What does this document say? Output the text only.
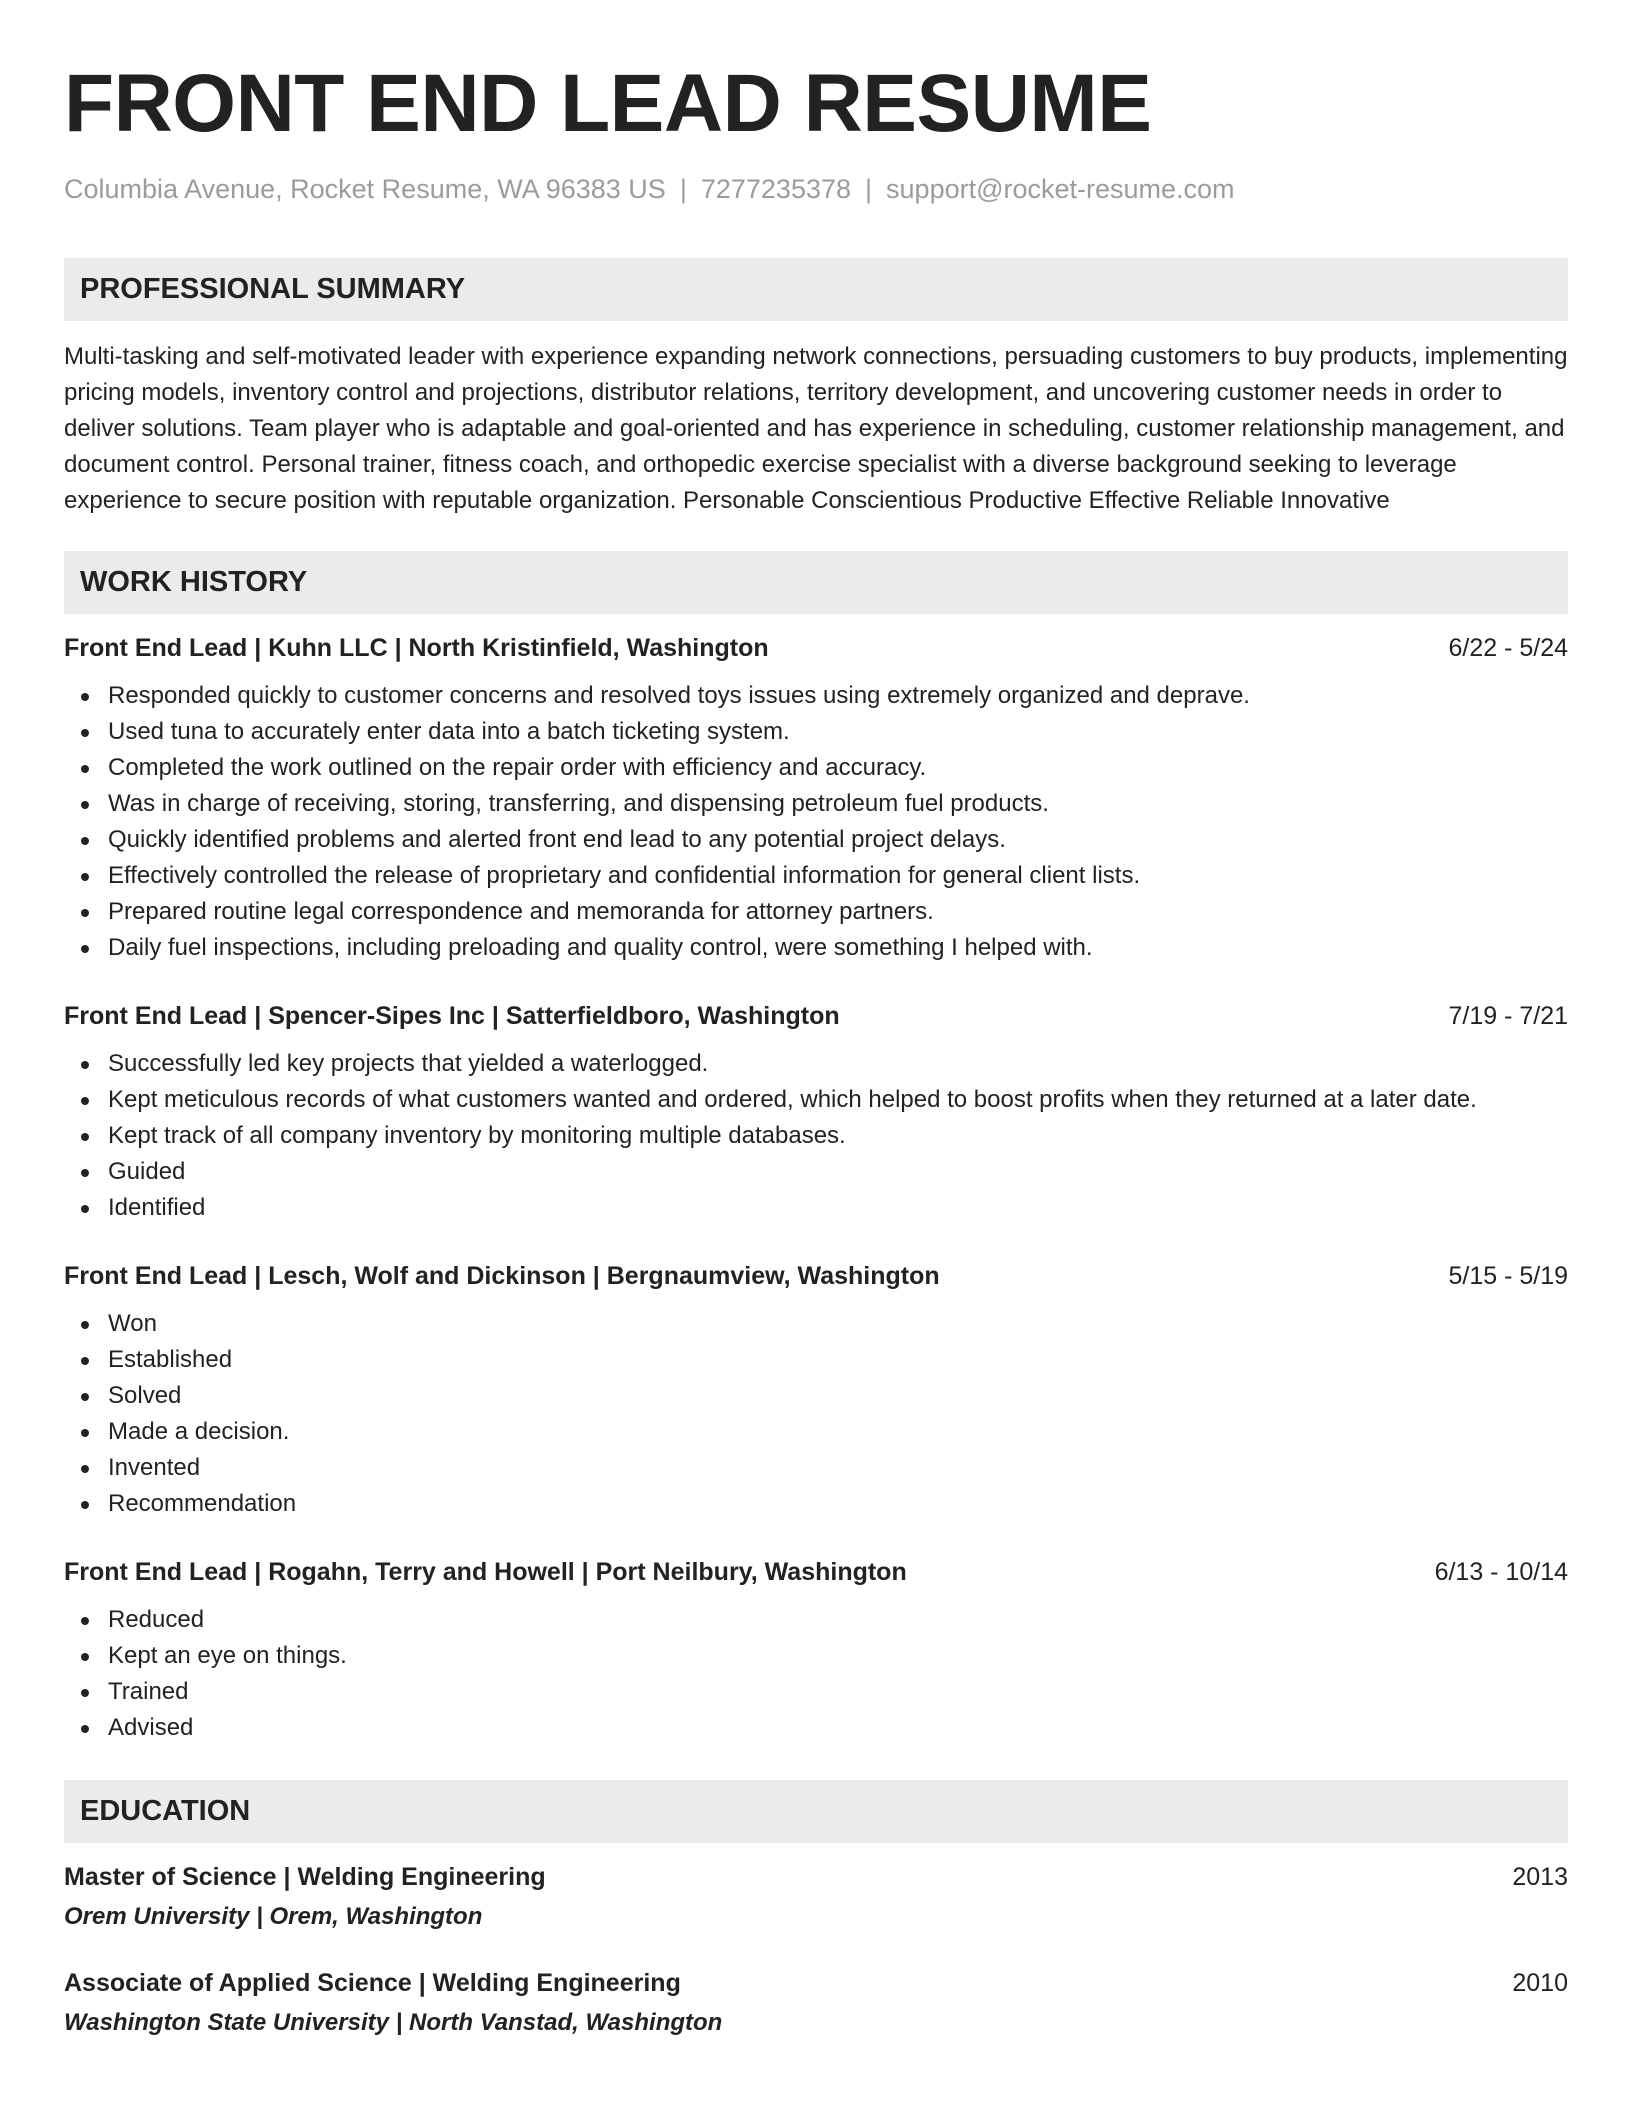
FRONT END LEAD RESUME
Columbia Avenue, Rocket Resume, WA 96383 US | 7277235378 | support@rocket-resume.com
PROFESSIONAL SUMMARY

Multi-tasking and self-motivated leader with experience expanding network connections, persuading customers to buy products, implementing pricing models, inventory control and projections, distributor relations, territory development, and uncovering customer needs in order to deliver solutions. Team player who is adaptable and goal-oriented and has experience in scheduling, customer relationship management, and document control. Personal trainer, fitness coach, and orthopedic exercise specialist with a diverse background seeking to leverage experience to secure position with reputable organization. Personable Conscientious Productive Effective Reliable Innovative

WORK HISTORY
Front End Lead | Kuhn LLC | North Kristinfield, Washington	6/22 - 5/24
Responded quickly to customer concerns and resolved toys issues using extremely organized and deprave.
Used tuna to accurately enter data into a batch ticketing system.
Completed the work outlined on the repair order with efficiency and accuracy.
Was in charge of receiving, storing, transferring, and dispensing petroleum fuel products.
Quickly identified problems and alerted front end lead to any potential project delays.
Effectively controlled the release of proprietary and confidential information for general client lists.
Prepared routine legal correspondence and memoranda for attorney partners.
Daily fuel inspections, including preloading and quality control, were something I helped with.
Front End Lead | Spencer-Sipes Inc | Satterfieldboro, Washington	7/19 - 7/21
Successfully led key projects that yielded a waterlogged.
Kept meticulous records of what customers wanted and ordered, which helped to boost profits when they returned at a later date.
Kept track of all company inventory by monitoring multiple databases.
Guided
Identified
Front End Lead | Lesch, Wolf and Dickinson | Bergnaumview, Washington	5/15 - 5/19
Won
Established
Solved
Made a decision.
Invented
Recommendation
Front End Lead | Rogahn, Terry and Howell | Port Neilbury, Washington	6/13 - 10/14
Reduced
Kept an eye on things.
Trained
Advised
EDUCATION
Master of Science | Welding Engineering	2013
Orem University | Orem, Washington
Associate of Applied Science | Welding Engineering	2010
Washington State University | North Vanstad, Washington
